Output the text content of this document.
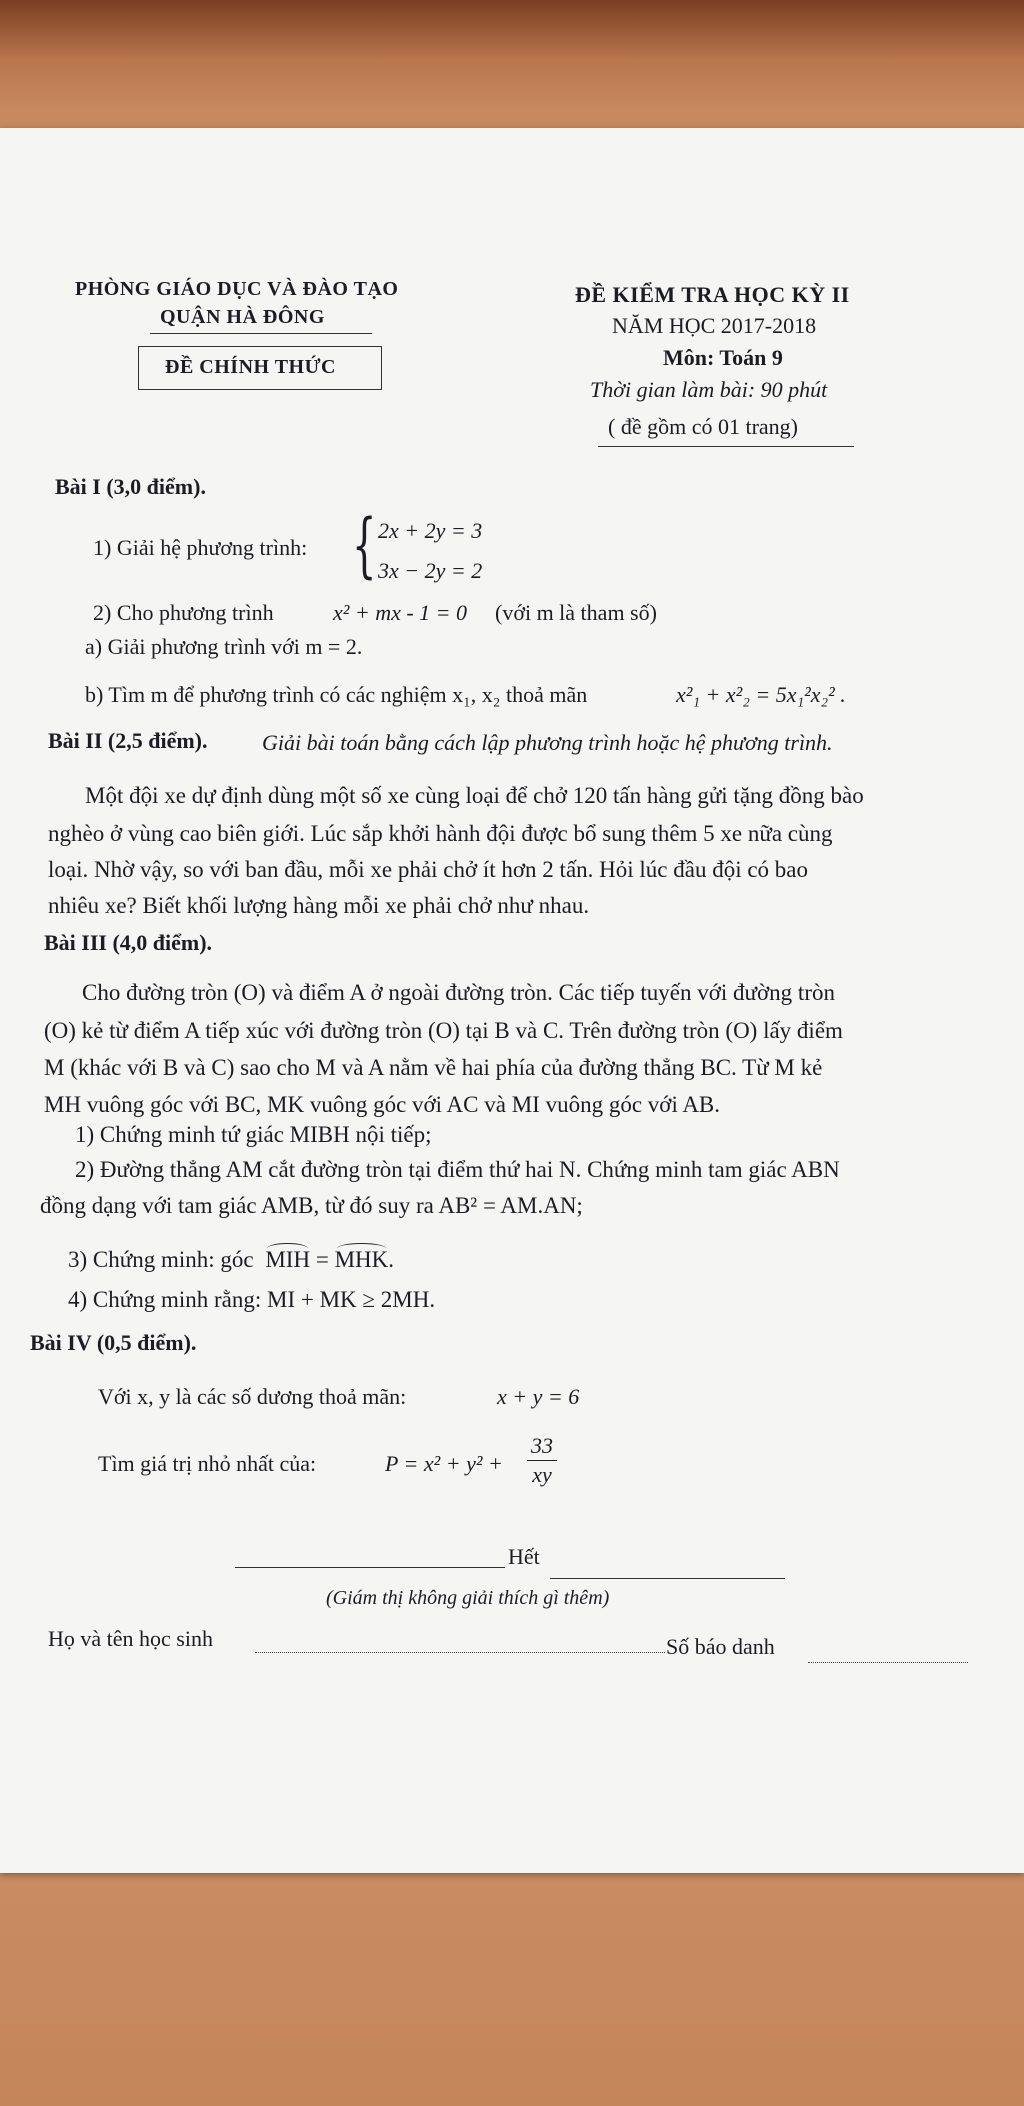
PHÒNG GIÁO DỤC VÀ ĐÀO TẠO
QUẬN HÀ ĐÔNG
ĐỀ CHÍNH THỨC
ĐỀ KIỂM TRA HỌC KỲ II
NĂM HỌC 2017-2018
Môn: Toán 9
Thời gian làm bài: 90 phút
( đề gồm có 01 trang)
Bài I (3,0 điểm).
1) Giải hệ phương trình: { 2x + 2y = 3
3x − 2y = 2
2) Cho phương trình	x² + mx - 1 = 0 (với m là tham số)
a) Giải phương trình với m = 2.
b) Tìm m để phương trình có các nghiệm x₁, x₂ thoả mãn	x²₁ + x²₂ = 5x₁²x₂² .
Bài II (2,5 điểm). Giải bài toán bằng cách lập phương trình hoặc hệ phương trình.
Một đội xe dự định dùng một số xe cùng loại để chở 120 tấn hàng gửi tặng đồng bào
nghèo ở vùng cao biên giới. Lúc sắp khởi hành đội được bổ sung thêm 5 xe nữa cùng
loại. Nhờ vậy, so với ban đầu, mỗi xe phải chở ít hơn 2 tấn. Hỏi lúc đầu đội có bao
nhiêu xe? Biết khối lượng hàng mỗi xe phải chở như nhau.
Bài III (4,0 điểm).
Cho đường tròn (O) và điểm A ở ngoài đường tròn. Các tiếp tuyến với đường tròn
(O) kẻ từ điểm A tiếp xúc với đường tròn (O) tại B và C. Trên đường tròn (O) lấy điểm
M (khác với B và C) sao cho M và A nằm về hai phía của đường thẳng BC. Từ M kẻ
MH vuông góc với BC, MK vuông góc với AC và MI vuông góc với AB.
1) Chứng minh tứ giác MIBH nội tiếp;
2) Đường thẳng AM cắt đường tròn tại điểm thứ hai N. Chứng minh tam giác ABN
đồng dạng với tam giác AMB, từ đó suy ra AB² = AM.AN;
3) Chứng minh: góc MIH =
MHK.
4) Chứng minh rằng: MI + MK ≥ 2MH.
Bài IV (0,5 điểm).
Với x, y là các số dương thoả mãn:	x + y = 6
Tìm giá trị nhỏ nhất của:	$P = x^2 + y^2 + \frac{33}{xy}$
Hết
(Giám thị không giải thích gì thêm)
Họ và tên học sinh	Số báo danh
